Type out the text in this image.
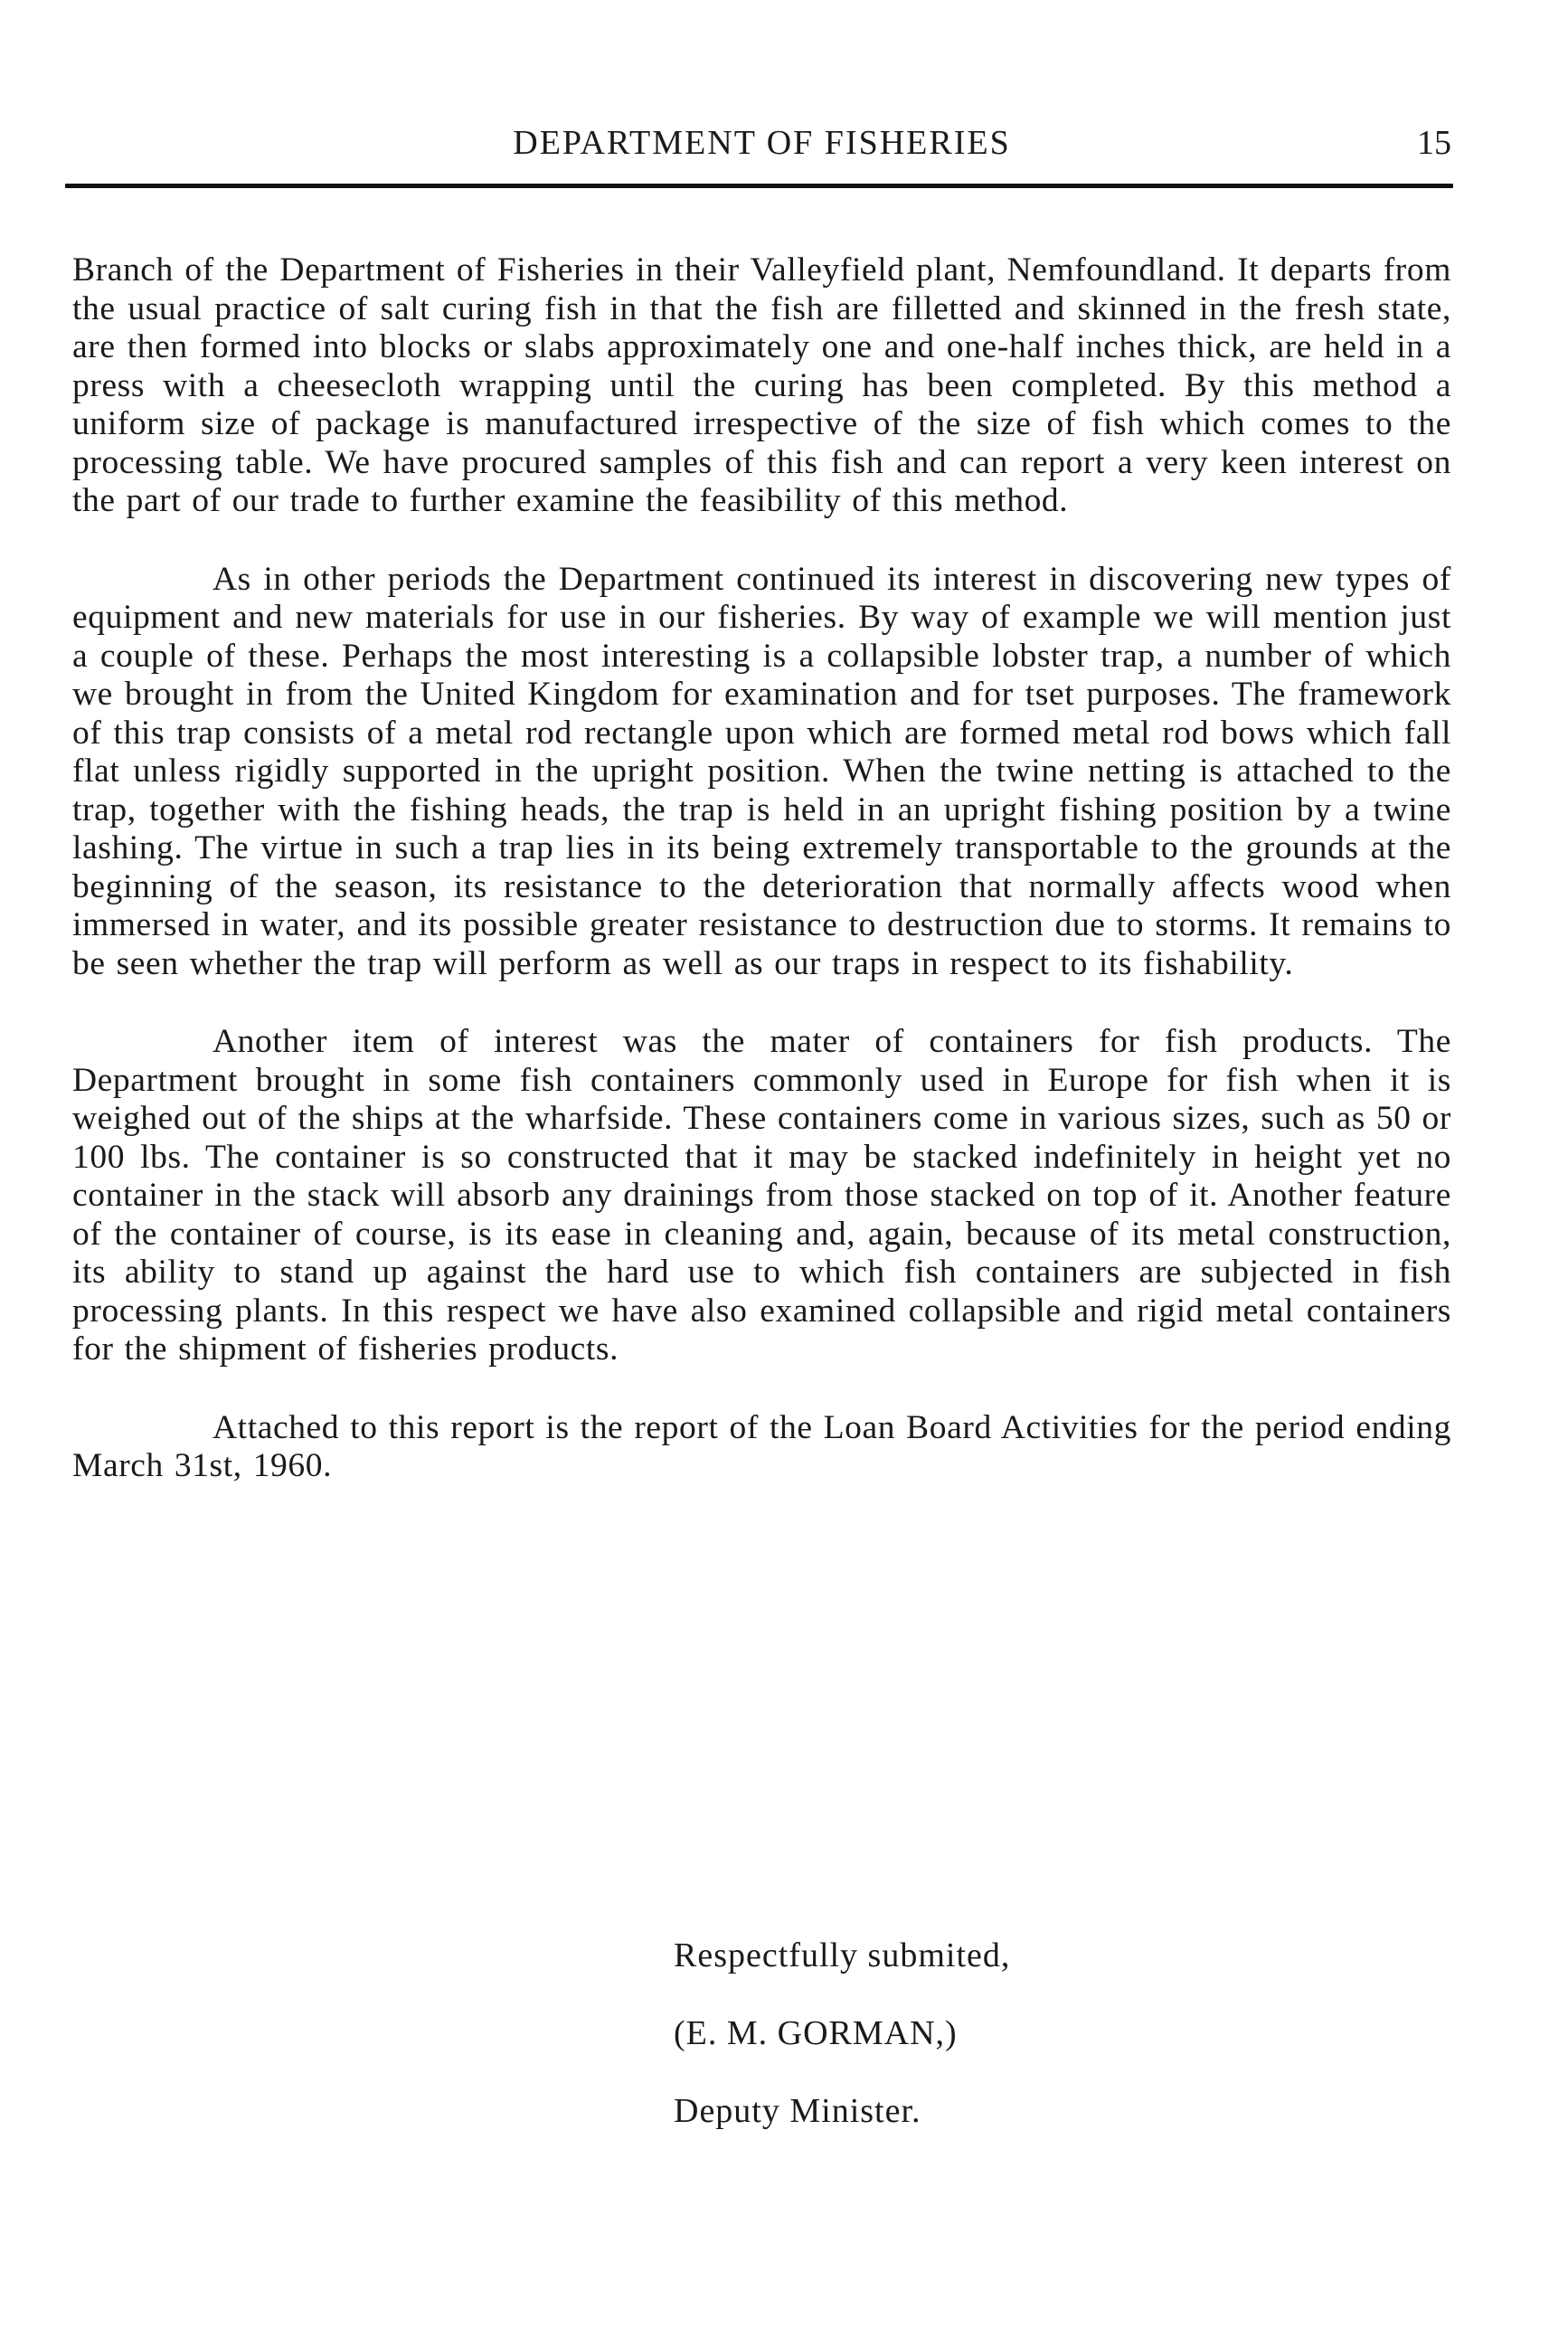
DEPARTMENT OF FISHERIES	15

Branch of the Department of Fisheries in their Valleyfield plant, Nemfoundland. It departs from the usual practice of salt curing fish in that the fish are filletted and skinned in the fresh state, are then formed into blocks or slabs approximately one and one-half inches thick, are held in a press with a cheesecloth wrapping until the curing has been completed. By this method a uniform size of package is manufactured irrespective of the size of fish which comes to the processing table. We have procured samples of this fish and can report a very keen interest on the part of our trade to further examine the feasibility of this method.

As in other periods the Department continued its interest in discovering new types of equipment and new materials for use in our fisheries. By way of example we will mention just a couple of these. Perhaps the most interesting is a collapsible lobster trap, a number of which we brought in from the United Kingdom for examination and for tset purposes. The framework of this trap consists of a metal rod rectangle upon which are formed metal rod bows which fall flat unless rigidly supported in the upright position. When the twine netting is attached to the trap, together with the fishing heads, the trap is held in an upright fishing position by a twine lashing. The virtue in such a trap lies in its being extremely transportable to the grounds at the beginning of the season, its resistance to the deterioration that normally affects wood when immersed in water, and its possible greater resistance to destruction due to storms. It remains to be seen whether the trap will perform as well as our traps in respect to its fishability.

Another item of interest was the mater of containers for fish products. The Department brought in some fish containers commonly used in Europe for fish when it is weighed out of the ships at the wharfside. These containers come in various sizes, such as 50 or 100 lbs. The container is so constructed that it may be stacked indefinitely in height yet no container in the stack will absorb any drainings from those stacked on top of it. Another feature of the container of course, is its ease in cleaning and, again, because of its metal construction, its ability to stand up against the hard use to which fish containers are subjected in fish processing plants. In this respect we have also examined collapsible and rigid metal containers for the shipment of fisheries products.

Attached to this report is the report of the Loan Board Activities for the period ending March 31st, 1960.

Respectfully submited,
(E. M. GORMAN,)
Deputy Minister.
